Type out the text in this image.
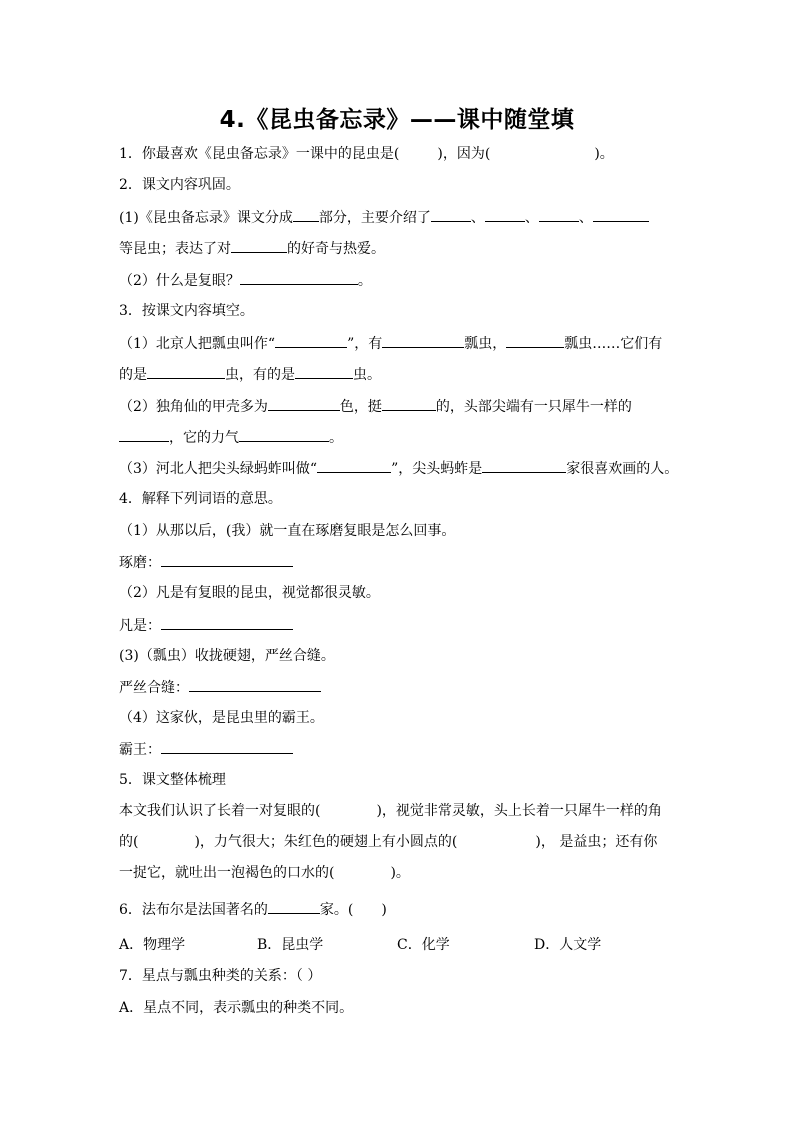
4.《昆虫备忘录》——课中随堂填
1．你最喜欢《昆虫备忘录》一课中的昆虫是(	)，因为(	)。
2．课文内容巩固。
(1)《昆虫备忘录》课文分成 部分，主要介绍了	、	、	、
等昆虫；表达了对	的好奇与热爱。
（2）什么是复眼？	。
3．按课文内容填空。
（1）北京人把瓢虫叫作“	”，有	瓢虫，	瓢虫……它们有
的是	虫，有的是	虫。
（2）独角仙的甲壳多为	色，挺	的，头部尖端有一只犀牛一样的
，它的力气	。
（3）河北人把尖头绿蚂蚱叫做“	”，尖头蚂蚱是	家很喜欢画的人。
4．解释下列词语的意思。
（1）从那以后，(我）就一直在琢磨复眼是怎么回事。
琢磨：
（2）凡是有复眼的昆虫，视觉都很灵敏。
凡是：
(3)（瓢虫）收拢硬翅，严丝合缝。
严丝合缝：
（4）这家伙，是昆虫里的霸王。
霸王：
5．课文整体梳理
本文我们认识了长着一对复眼的(	)，视觉非常灵敏，头上长着一只犀牛一样的角
的(	)，力气很大；朱红色的硬翅上有小圆点的(	)， 是益虫；还有你
一捉它，就吐出一泡褐色的口水的(	)。
6．法布尔是法国著名的	家。( )
A．物理学	B．昆虫学	C．化学	D．人文学
7．星点与瓢虫种类的关系：（ ）
A．星点不同，表示瓢虫的种类不同。
